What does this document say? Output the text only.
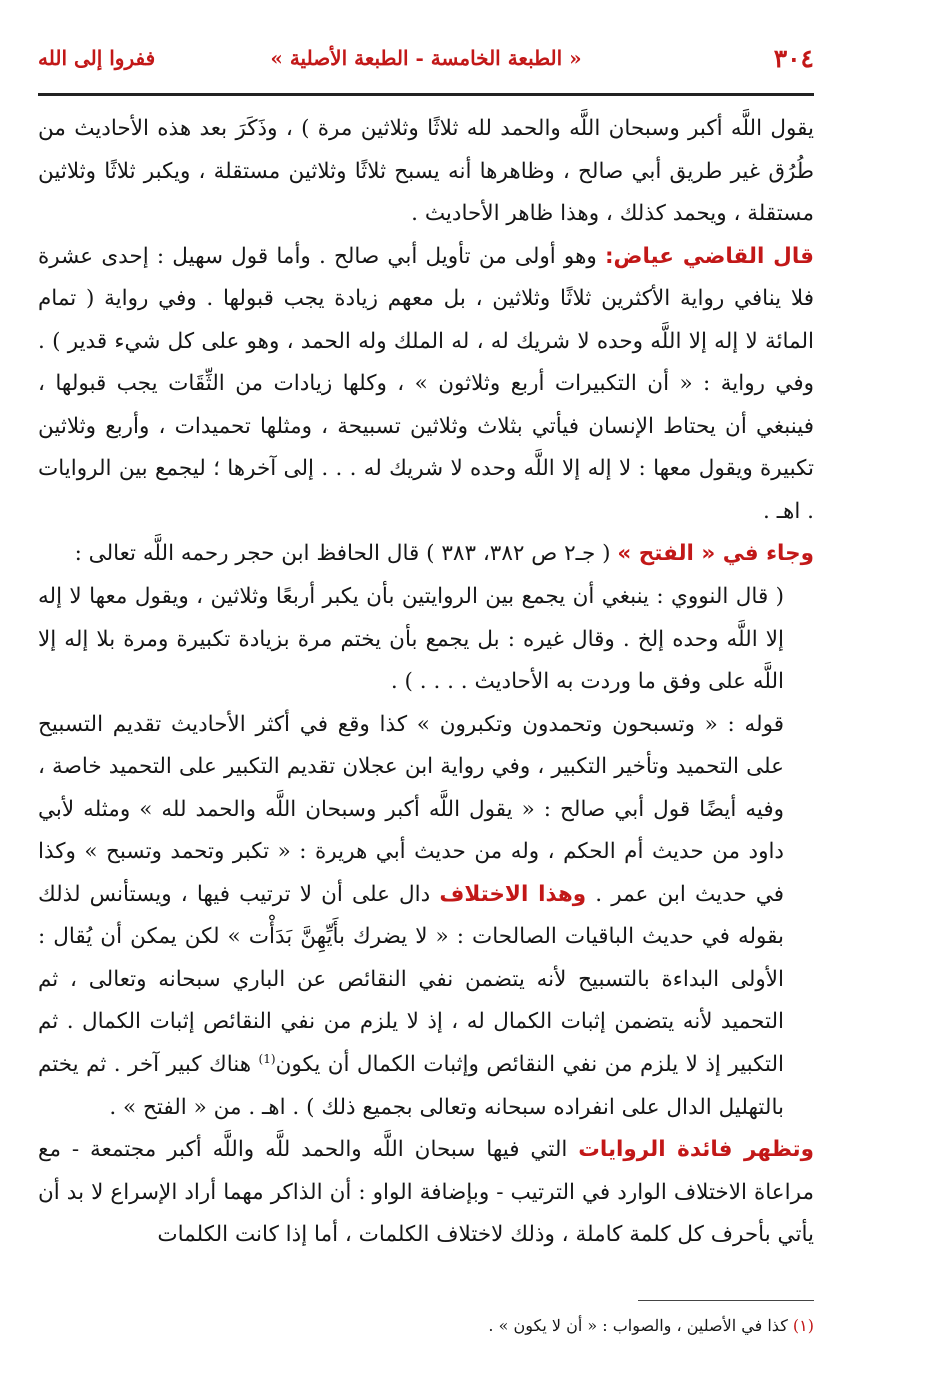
٣٠٤
« الطبعة الخامسة - الطبعة الأصلية »
ففروا إلى الله

يقول اللَّه أكبر وسبحان اللَّه والحمد لله ثلاثًا وثلاثين مرة ) ، وذَكَرَ بعد هذه الأحاديث من طُرُق غير طريق أبي صالح ، وظاهرها أنه يسبح ثلاثًا وثلاثين مستقلة ، ويكبر ثلاثًا وثلاثين مستقلة ، ويحمد كذلك ، وهذا ظاهر الأحاديث .

قال القاضي عياض: وهو أولى من تأويل أبي صالح . وأما قول سهيل : إحدى عشرة فلا ينافي رواية الأكثرين ثلاثًا وثلاثين ، بل معهم زيادة يجب قبولها . وفي رواية ( تمام المائة لا إله إلا اللَّه وحده لا شريك له ، له الملك وله الحمد ، وهو على كل شيء قدير ) . وفي رواية : « أن التكبيرات أربع وثلاثون » ، وكلها زيادات من الثِّقَات يجب قبولها ، فينبغي أن يحتاط الإنسان فيأتي بثلاث وثلاثين تسبيحة ، ومثلها تحميدات ، وأربع وثلاثين تكبيرة ويقول معها : لا إله إلا اللَّه وحده لا شريك له . . . إلى آخرها ؛ ليجمع بين الروايات . اهـ .

وجاء في « الفتح » ( جـ٢ ص ٣٨٢، ٣٨٣ ) قال الحافظ ابن حجر رحمه اللَّه تعالى :

( قال النووي : ينبغي أن يجمع بين الروايتين بأن يكبر أربعًا وثلاثين ، ويقول معها لا إله إلا اللَّه وحده إلخ . وقال غيره : بل يجمع بأن يختم مرة بزيادة تكبيرة ومرة بلا إله إلا اللَّه على وفق ما وردت به الأحاديث . . . . ) .

قوله : « وتسبحون وتحمدون وتكبرون » كذا وقع في أكثر الأحاديث تقديم التسبيح على التحميد وتأخير التكبير ، وفي رواية ابن عجلان تقديم التكبير على التحميد خاصة ، وفيه أيضًا قول أبي صالح : « يقول اللَّه أكبر وسبحان اللَّه والحمد لله » ومثله لأبي داود من حديث أم الحكم ، وله من حديث أبي هريرة : « تكبر وتحمد وتسبح » وكذا في حديث ابن عمر . وهذا الاختلاف دال على أن لا ترتيب فيها ، ويستأنس لذلك بقوله في حديث الباقيات الصالحات : « لا يضرك بأَيِّهِنَّ بَدَأْت » لكن يمكن أن يُقال : الأولى البداءة بالتسبيح لأنه يتضمن نفي النقائص عن الباري سبحانه وتعالى ، ثم التحميد لأنه يتضمن إثبات الكمال له ، إذ لا يلزم من نفي النقائص إثبات الكمال . ثم التكبير إذ لا يلزم من نفي النقائص وإثبات الكمال أن يكون$^{(1)}$ هناك كبير آخر . ثم يختم بالتهليل الدال على انفراده سبحانه وتعالى بجميع ذلك ) . اهـ . من « الفتح » .

وتظهر فائدة الروايات التي فيها سبحان اللَّه والحمد للَّه واللَّه أكبر مجتمعة - مع مراعاة الاختلاف الوارد في الترتيب - وبإضافة الواو : أن الذاكر مهما أراد الإسراع لا بد أن يأتي بأحرف كل كلمة كاملة ، وذلك لاختلاف الكلمات ، أما إذا كانت الكلمات

(١) كذا في الأصلين ، والصواب : « أن لا يكون » .
